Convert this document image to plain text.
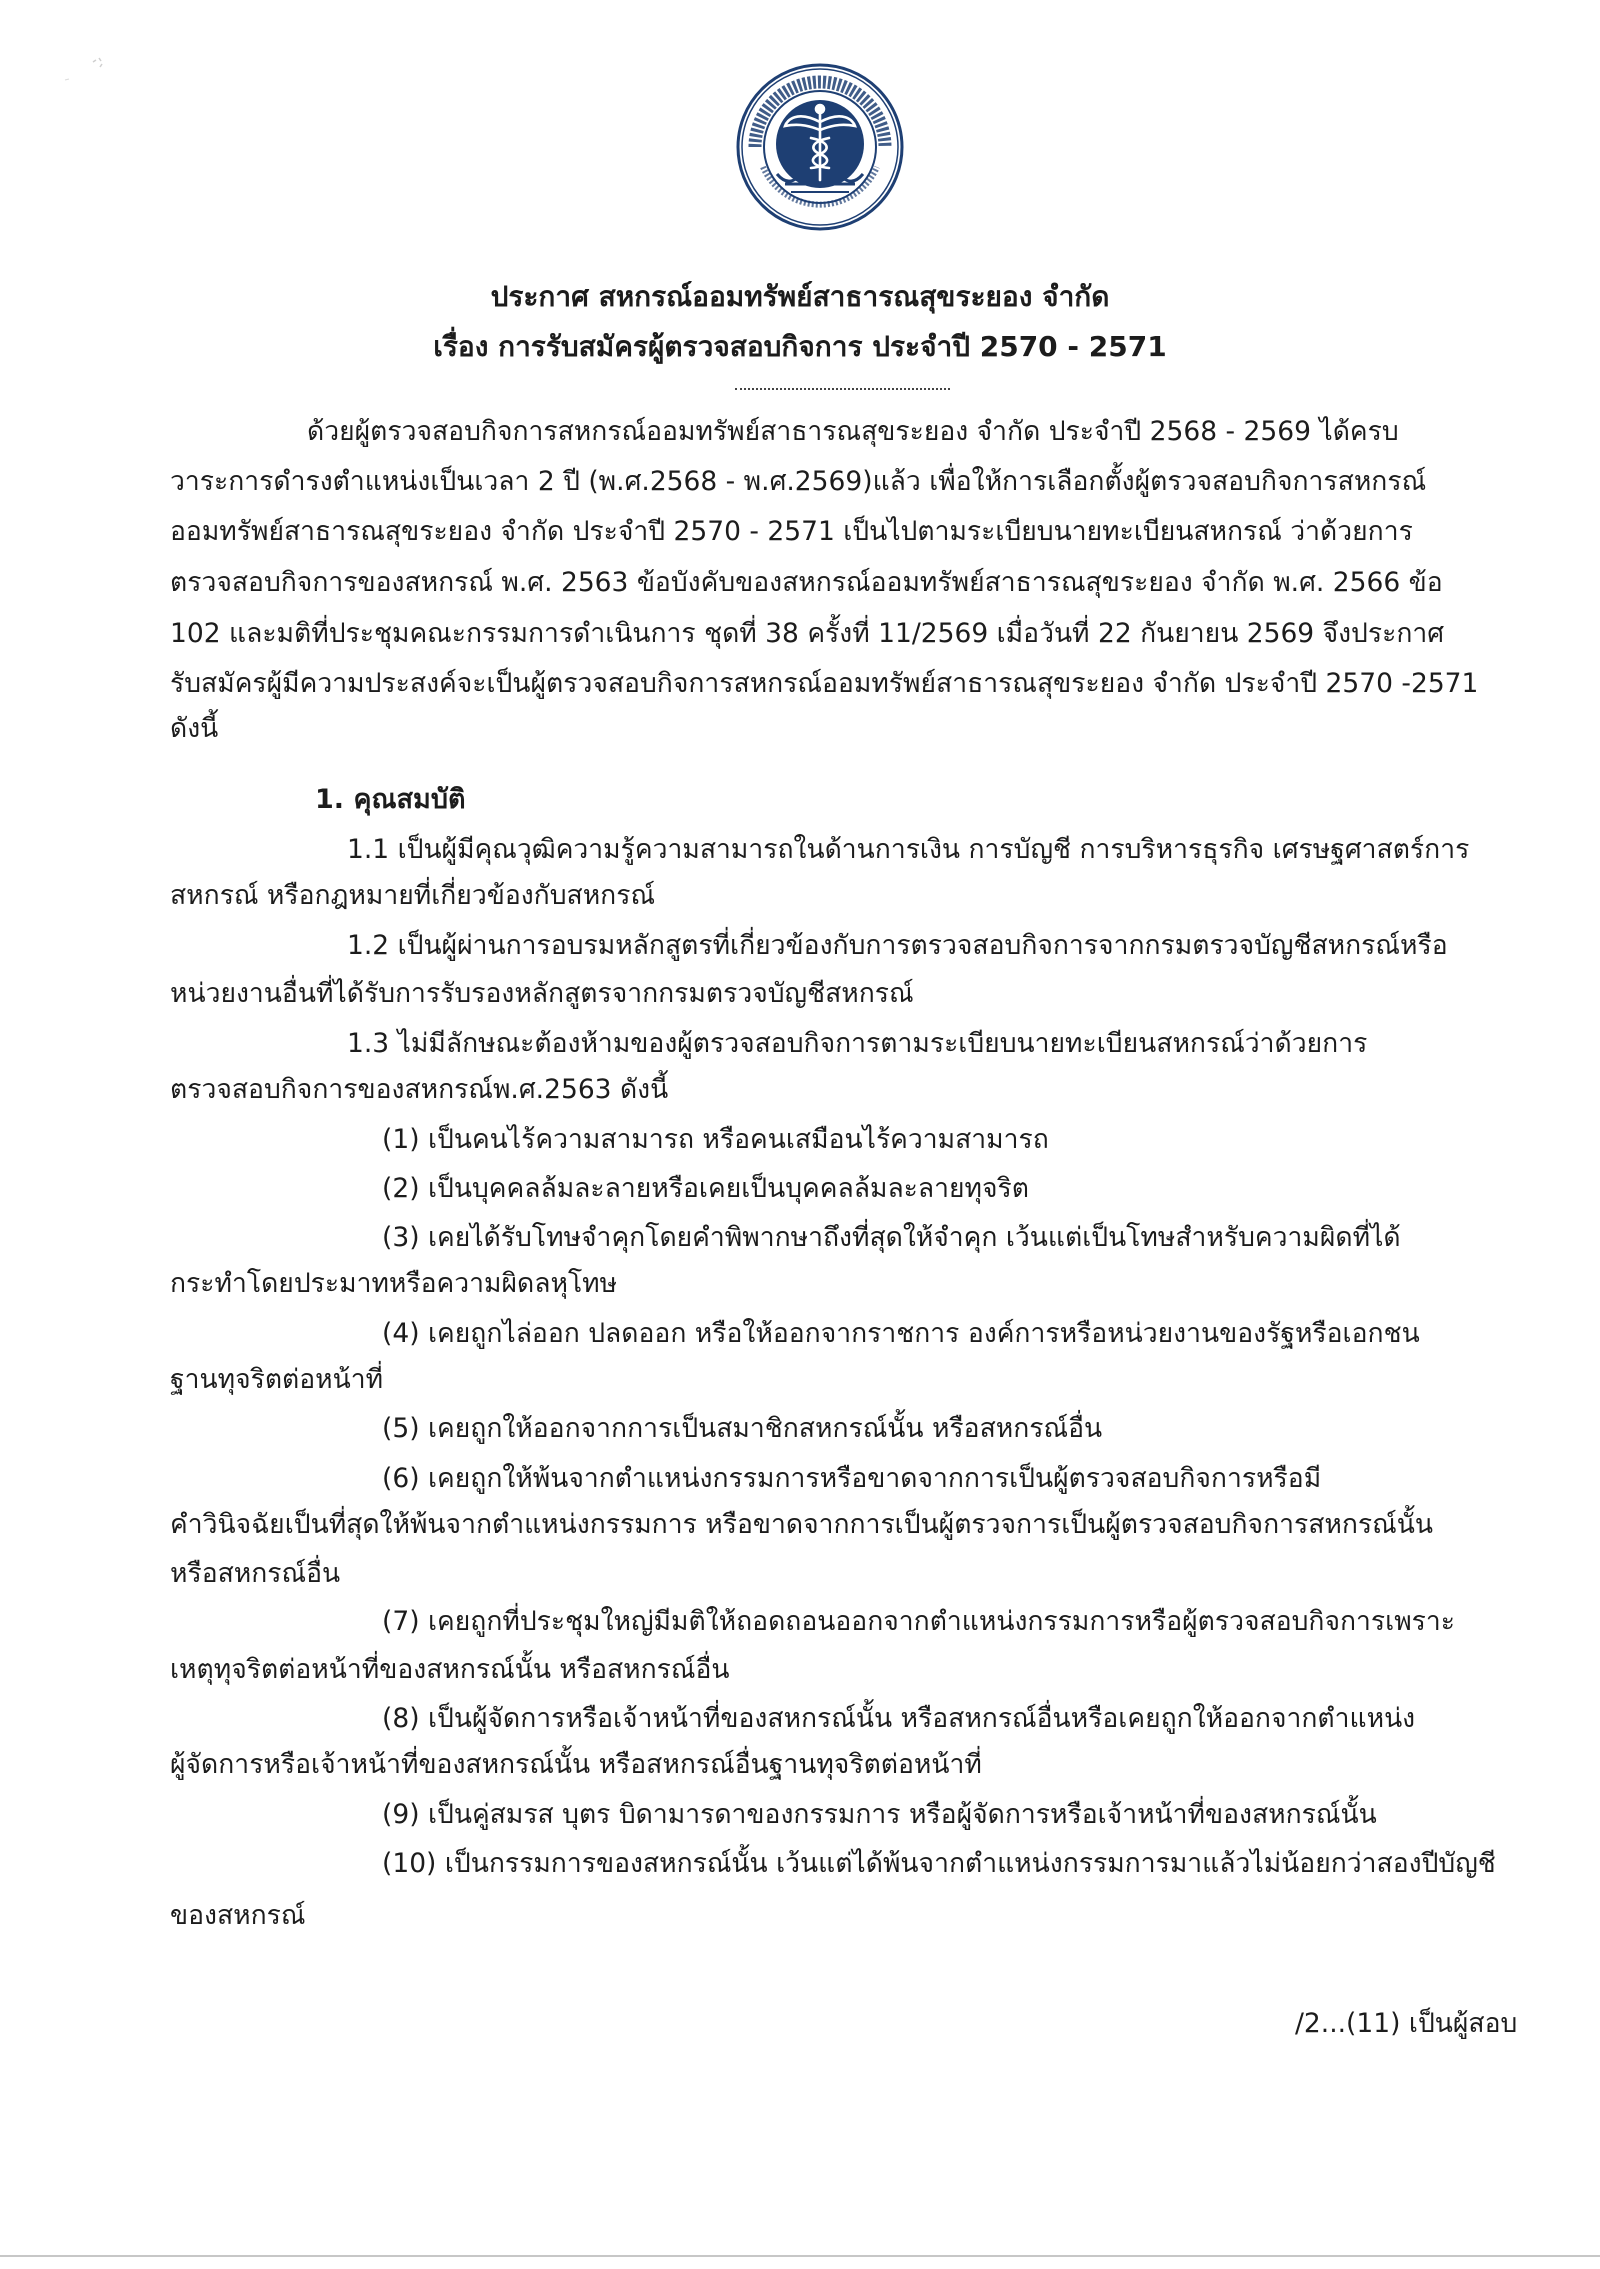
ประกาศ สหกรณ์ออมทรัพย์สาธารณสุขระยอง จำกัด
เรื่อง การรับสมัครผู้ตรวจสอบกิจการ ประจำปี 2570 - 2571
ด้วยผู้ตรวจสอบกิจการสหกรณ์ออมทรัพย์สาธารณสุขระยอง จำกัด ประจำปี 2568 - 2569 ได้ครบ
วาระการดำรงตำแหน่งเป็นเวลา 2 ปี (พ.ศ.2568 - พ.ศ.2569)แล้ว เพื่อให้การเลือกตั้งผู้ตรวจสอบกิจการสหกรณ์
ออมทรัพย์สาธารณสุขระยอง จำกัด ประจำปี 2570 - 2571 เป็นไปตามระเบียบนายทะเบียนสหกรณ์ ว่าด้วยการ
ตรวจสอบกิจการของสหกรณ์ พ.ศ. 2563 ข้อบังคับของสหกรณ์ออมทรัพย์สาธารณสุขระยอง จำกัด พ.ศ. 2566 ข้อ
102 และมติที่ประชุมคณะกรรมการดำเนินการ ชุดที่ 38 ครั้งที่ 11/2569 เมื่อวันที่ 22 กันยายน 2569 จึงประกาศ
รับสมัครผู้มีความประสงค์จะเป็นผู้ตรวจสอบกิจการสหกรณ์ออมทรัพย์สาธารณสุขระยอง จำกัด ประจำปี 2570 -2571
ดังนี้
1. คุณสมบัติ
1.1 เป็นผู้มีคุณวุฒิความรู้ความสามารถในด้านการเงิน การบัญชี การบริหารธุรกิจ เศรษฐศาสตร์การ
สหกรณ์ หรือกฎหมายที่เกี่ยวข้องกับสหกรณ์
1.2 เป็นผู้ผ่านการอบรมหลักสูตรที่เกี่ยวข้องกับการตรวจสอบกิจการจากกรมตรวจบัญชีสหกรณ์หรือ
หน่วยงานอื่นที่ได้รับการรับรองหลักสูตรจากกรมตรวจบัญชีสหกรณ์
1.3 ไม่มีลักษณะต้องห้ามของผู้ตรวจสอบกิจการตามระเบียบนายทะเบียนสหกรณ์ว่าด้วยการ
ตรวจสอบกิจการของสหกรณ์พ.ศ.2563 ดังนี้
(1) เป็นคนไร้ความสามารถ หรือคนเสมือนไร้ความสามารถ
(2) เป็นบุคคลล้มละลายหรือเคยเป็นบุคคลล้มละลายทุจริต
(3) เคยได้รับโทษจำคุกโดยคำพิพากษาถึงที่สุดให้จำคุก เว้นแต่เป็นโทษสำหรับความผิดที่ได้
กระทำโดยประมาทหรือความผิดลหุโทษ
(4) เคยถูกไล่ออก ปลดออก หรือให้ออกจากราชการ องค์การหรือหน่วยงานของรัฐหรือเอกชน
ฐานทุจริตต่อหน้าที่
(5) เคยถูกให้ออกจากการเป็นสมาชิกสหกรณ์นั้น หรือสหกรณ์อื่น
(6) เคยถูกให้พ้นจากตำแหน่งกรรมการหรือขาดจากการเป็นผู้ตรวจสอบกิจการหรือมี
คำวินิจฉัยเป็นที่สุดให้พ้นจากตำแหน่งกรรมการ หรือขาดจากการเป็นผู้ตรวจการเป็นผู้ตรวจสอบกิจการสหกรณ์นั้น
หรือสหกรณ์อื่น
(7) เคยถูกที่ประชุมใหญ่มีมติให้ถอดถอนออกจากตำแหน่งกรรมการหรือผู้ตรวจสอบกิจการเพราะ
เหตุทุจริตต่อหน้าที่ของสหกรณ์นั้น หรือสหกรณ์อื่น
(8) เป็นผู้จัดการหรือเจ้าหน้าที่ของสหกรณ์นั้น หรือสหกรณ์อื่นหรือเคยถูกให้ออกจากตำแหน่ง
ผู้จัดการหรือเจ้าหน้าที่ของสหกรณ์นั้น หรือสหกรณ์อื่นฐานทุจริตต่อหน้าที่
(9) เป็นคู่สมรส บุตร บิดามารดาของกรรมการ หรือผู้จัดการหรือเจ้าหน้าที่ของสหกรณ์นั้น
(10) เป็นกรรมการของสหกรณ์นั้น เว้นแต่ได้พ้นจากตำแหน่งกรรมการมาแล้วไม่น้อยกว่าสองปีบัญชี
ของสหกรณ์
/2...(11) เป็นผู้สอบ
